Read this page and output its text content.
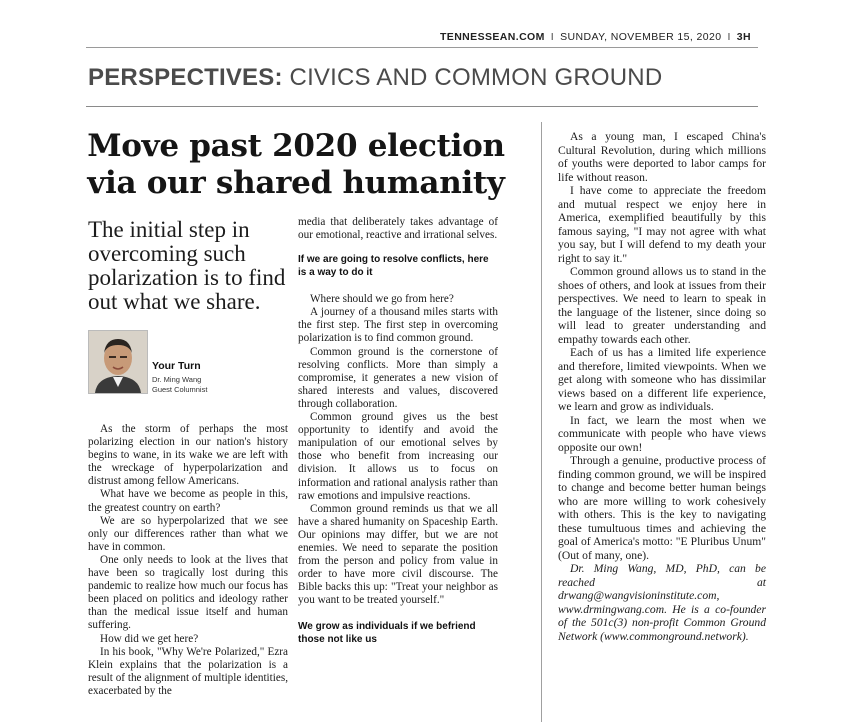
TENNESSEAN.COM I SUNDAY, NOVEMBER 15, 2020 I 3H
PERSPECTIVES: CIVICS AND COMMON GROUND
Move past 2020 election via our shared humanity
The initial step in overcoming such polarization is to find out what we share.
Your Turn
Dr. Ming Wang
Guest Columnist

As the storm of perhaps the most polarizing election in our nation's history begins to wane, in its wake we are left with the wreckage of hyperpolarization and distrust among fellow Americans.

What have we become as people in this, the greatest country on earth?

We are so hyperpolarized that we see only our differences rather than what we have in common.

One only needs to look at the lives that have been so tragically lost during this pandemic to realize how much our focus has been placed on politics and ideology rather than the medical issue itself and human suffering.

How did we get here?

In his book, "Why We're Polarized," Ezra Klein explains that the polarization is a result of the alignment of multiple identities, exacerbated by the

media that deliberately takes advantage of our emotional, reactive and irrational selves.

If we are going to resolve conflicts, here is a way to do it

Where should we go from here?

A journey of a thousand miles starts with the first step. The first step in overcoming polarization is to find common ground.

Common ground is the cornerstone of resolving conflicts. More than simply a compromise, it generates a new vision of shared interests and values, discovered through collaboration.

Common ground gives us the best opportunity to identify and avoid the manipulation of our emotional selves by those who benefit from increasing our division. It allows us to focus on information and rational analysis rather than raw emotions and impulsive reactions.

Common ground reminds us that we all have a shared humanity on Spaceship Earth. Our opinions may differ, but we are not enemies. We need to separate the position from the person and policy from value in order to have more civil discourse. The Bible backs this up: "Treat your neighbor as you want to be treated yourself."

We grow as individuals if we befriend those not like us

As a young man, I escaped China's Cultural Revolution, during which millions of youths were deported to labor camps for life without reason.

I have come to appreciate the freedom and mutual respect we enjoy here in America, exemplified beautifully by this famous saying, "I may not agree with what you say, but I will defend to my death your right to say it."

Common ground allows us to stand in the shoes of others, and look at issues from their perspectives. We need to learn to speak in the language of the listener, since doing so will lead to greater understanding and empathy towards each other.

Each of us has a limited life experience and therefore, limited viewpoints. When we get along with someone who has dissimilar views based on a different life experience, we learn and grow as individuals.

In fact, we learn the most when we communicate with people who have views opposite our own!

Through a genuine, productive process of finding common ground, we will be inspired to change and become better human beings who are more willing to work cohesively with others. This is the key to navigating these tumultuous times and achieving the goal of America's motto: "E Pluribus Unum" (Out of many, one).

Dr. Ming Wang, MD, PhD, can be reached at drwang@wangvisioninstitute.com, www.drmingwang.com. He is a co-founder of the 501c(3) non-profit Common Ground Network (www.commonground.network).
